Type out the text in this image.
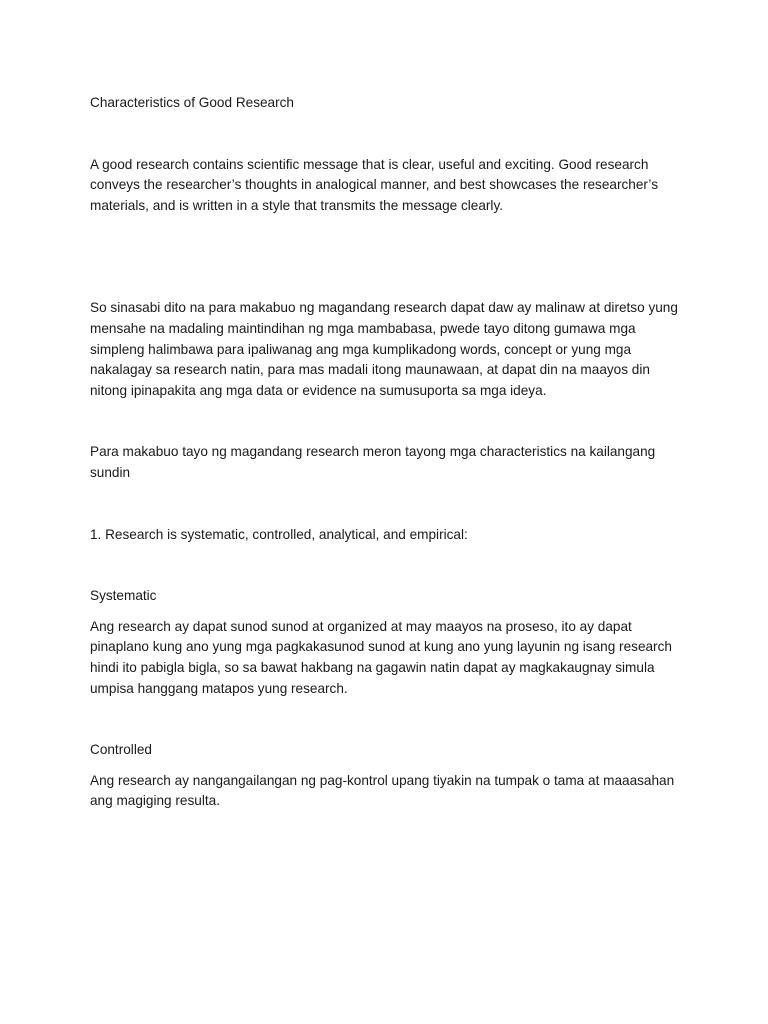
Characteristics of Good Research

A good research contains scientific message that is clear, useful and exciting. Good research conveys the researcher’s thoughts in analogical manner, and best showcases the researcher’s materials, and is written in a style that transmits the message clearly.

So sinasabi dito na para makabuo ng magandang research dapat daw ay malinaw at diretso yung mensahe na madaling maintindihan ng mga mambabasa, pwede tayo ditong gumawa mga simpleng halimbawa para ipaliwanag ang mga kumplikadong words, concept or yung mga nakalagay sa research natin, para mas madali itong maunawaan, at dapat din na maayos din nitong ipinapakita ang mga data or evidence na sumusuporta sa mga ideya.

Para makabuo tayo ng magandang research meron tayong mga characteristics na kailangang sundin

1. Research is systematic, controlled, analytical, and empirical:

Systematic

Ang research ay dapat sunod sunod at organized at may maayos na proseso, ito ay dapat pinaplano kung ano yung mga pagkakasunod sunod at kung ano yung layunin ng isang research hindi ito pabigla bigla, so sa bawat hakbang na gagawin natin dapat ay magkakaugnay simula umpisa hanggang matapos yung research.

Controlled

Ang research ay nangangailangan ng pag-kontrol upang tiyakin na tumpak o tama at maaasahan ang magiging resulta.
